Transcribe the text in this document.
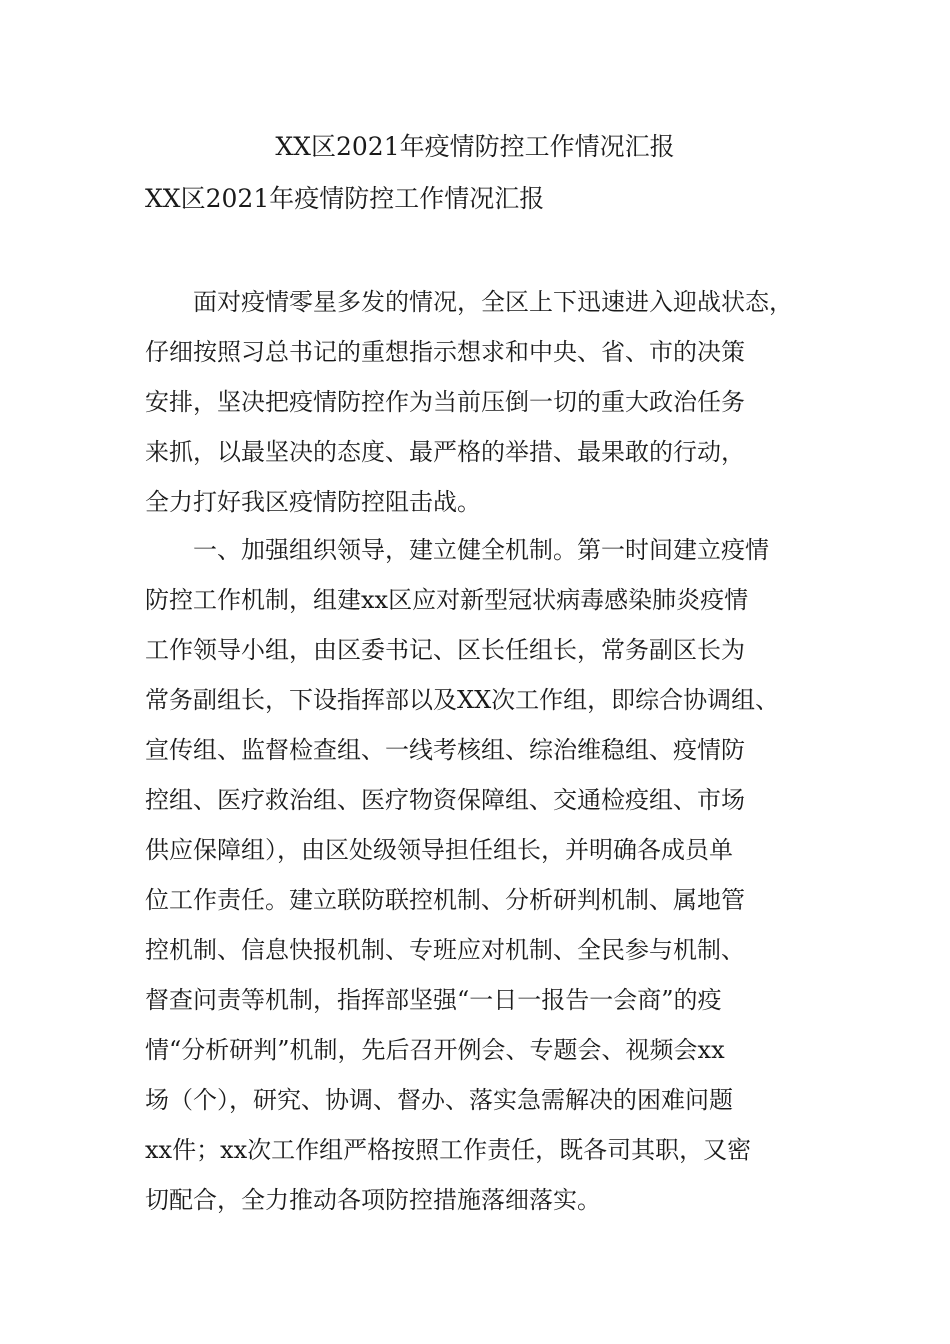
XX区2021年疫情防控工作情况汇报
XX区2021年疫情防控工作情况汇报
面对疫情零星多发的情况，全区上下迅速进入迎战状态，
仔细按照习总书记的重想指示想求和中央、省、市的决策
安排，坚决把疫情防控作为当前压倒一切的重大政治任务
来抓，以最坚决的态度、最严格的举措、最果敢的行动，
全力打好我区疫情防控阻击战。
一、加强组织领导，建立健全机制。第一时间建立疫情
防控工作机制，组建xx区应对新型冠状病毒感染肺炎疫情
工作领导小组，由区委书记、区长任组长，常务副区长为
常务副组长，下设指挥部以及XX次工作组，即综合协调组、
宣传组、监督检查组、一线考核组、综治维稳组、疫情防
控组、医疗救治组、医疗物资保障组、交通检疫组、市场
供应保障组），由区处级领导担任组长，并明确各成员单
位工作责任。建立联防联控机制、分析研判机制、属地管
控机制、信息快报机制、专班应对机制、全民参与机制、
督查问责等机制，指挥部坚强“一日一报告一会商”的疫
情“分析研判”机制，先后召开例会、专题会、视频会xx
场（个），研究、协调、督办、落实急需解决的困难问题
xx件；xx次工作组严格按照工作责任，既各司其职，又密
切配合，全力推动各项防控措施落细落实。
